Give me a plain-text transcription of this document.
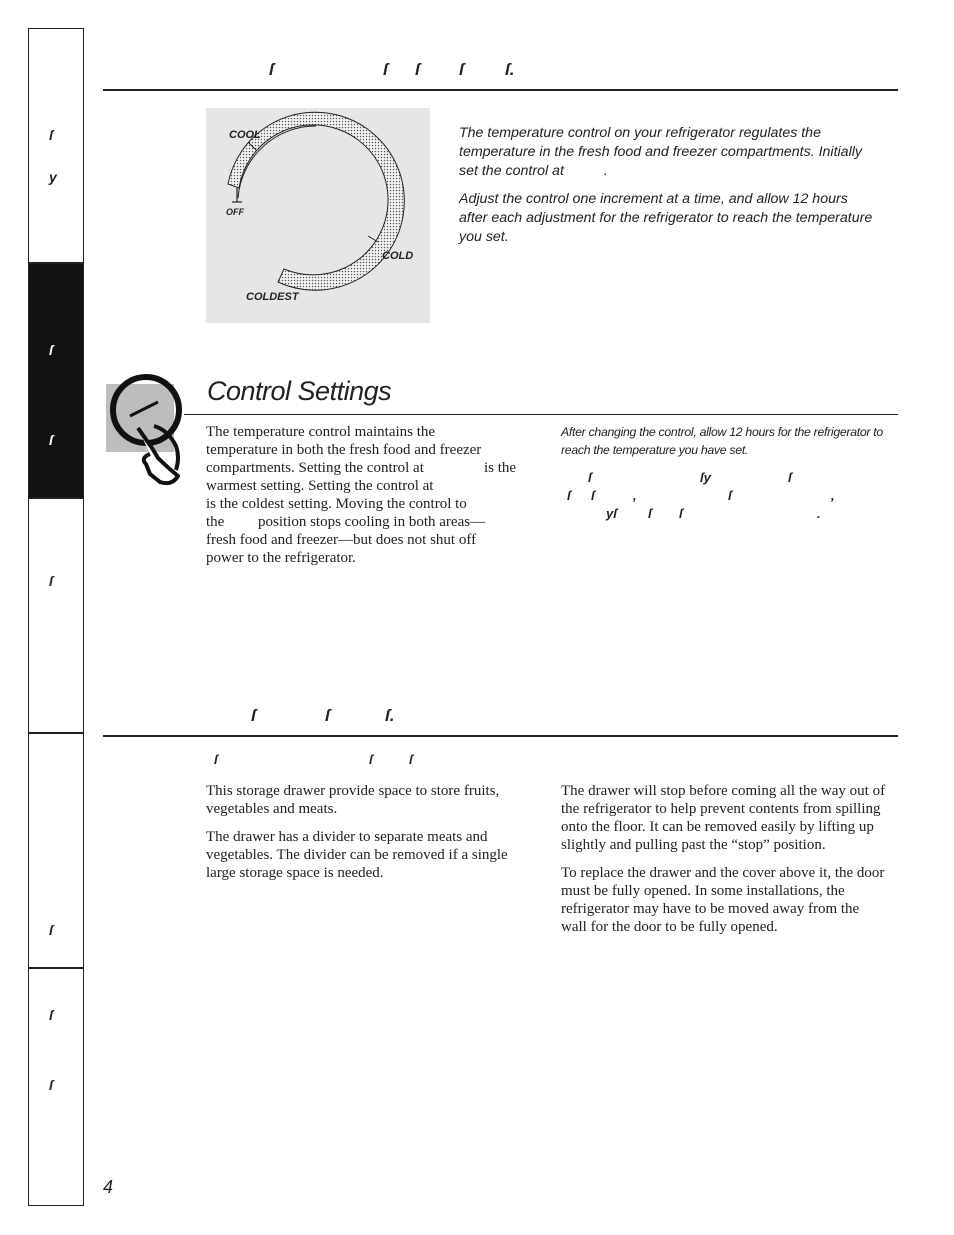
ſ
y
ſ
ſ
ſ
ſ
ſ
ſ
ſ	ſ ſ ſ ſ.
COOL
OFF
COLD
COLDEST

The temperature control on your refrigerator regulates the temperature in the fresh food and freezer compartments. Initially set the control at	.

Adjust the control one increment at a time, and allow 12 hours after each adjustment for the refrigerator to reach the temperature you set.

Control Settings
The temperature control maintains the
temperature in both the fresh food and freezer
compartments. Setting the control at	is the
warmest setting. Setting the control at
is the coldest setting. Moving the control to
the position stops cooling in both areas—
fresh food and freezer—but does not shut off
power to the refrigerator.
After changing the control, allow 12 hours for the refrigerator to reach the temperature you have set.
ſ	ſy	ſ
ſ ſ	,	ſ	,
yſ ſ ſ	.
ſ	ſ	ſ.
ſ	ſ	ſ

This storage drawer provide space to store fruits, vegetables and meats.

The drawer has a divider to separate meats and vegetables. The divider can be removed if a single large storage space is needed.

The drawer will stop before coming all the way out of the refrigerator to help prevent contents from spilling onto the floor. It can be removed easily by lifting up slightly and pulling past the “stop” position.

To replace the drawer and the cover above it, the door must be fully opened. In some installations, the refrigerator may have to be moved away from the wall for the door to be fully opened.

4
